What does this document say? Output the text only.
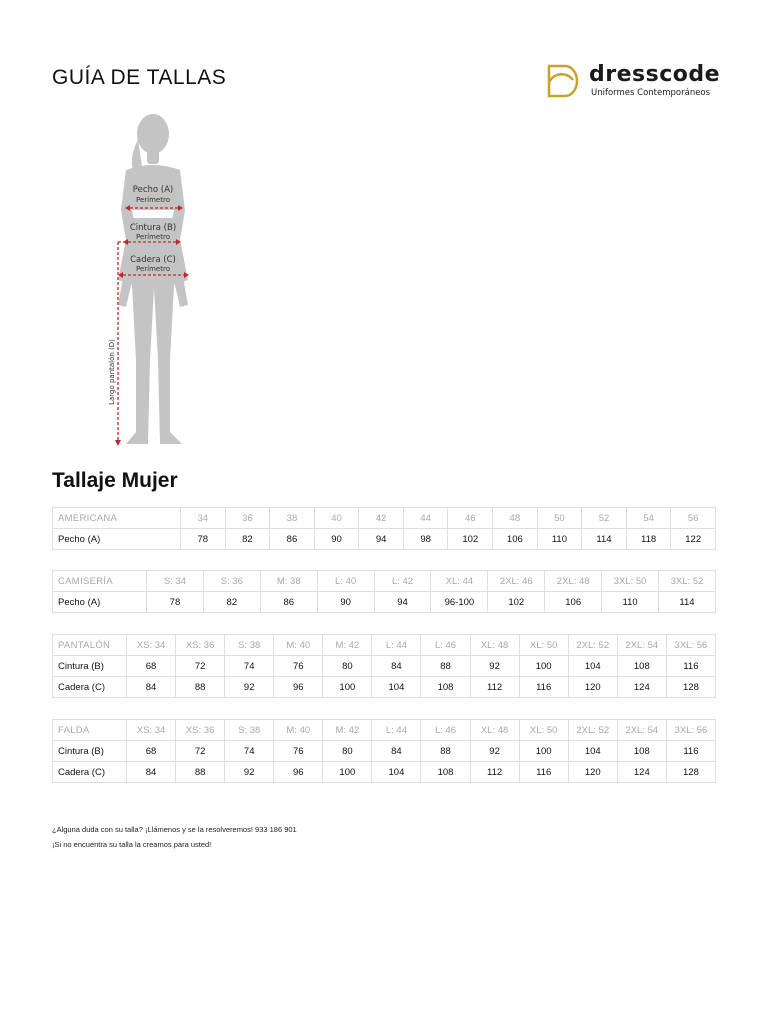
GUÍA DE TALLAS	dresscode
Uniformes Contemporáneos
Pecho (A)
Perímetro
Cintura (B)
Perímetro
Cadera (C)
Perímetro
Largo pantalón (D)
Tallaje Mujer
AMERICANA	34	36	38	40	42	44	46	48	50	52	54	56
Pecho (A)	78	82	86	90	94	98	102	106	110	114	118	122
CAMISERÍA	S: 34	S: 36	M: 38	L: 40	L: 42	XL: 44	2XL: 46	2XL: 48	3XL: 50	3XL: 52
Pecho (A)	78	82	86	90	94	96-100	102	106	110	114
PANTALÓN	XS: 34	XS: 36	S: 38	M: 40	M: 42	L: 44	L: 46	XL: 48	XL: 50	2XL: 52	2XL: 54	3XL: 56
Cintura (B)	68	72	74	76	80	84	88	92	100	104	108	116
Cadera (C)	84	88	92	96	100	104	108	112	116	120	124	128
FALDA	XS: 34	XS: 36	S: 38	M: 40	M: 42	L: 44	L: 46	XL: 48	XL: 50	2XL: 52	2XL: 54	3XL: 56
Cintura (B)	68	72	74	76	80	84	88	92	100	104	108	116
Cadera (C)	84	88	92	96	100	104	108	112	116	120	124	128
¿Alguna duda con su talla? ¡Llámenos y se la resolveremos! 933 186 901
¡Si no encuentra su talla la creamos para usted!
